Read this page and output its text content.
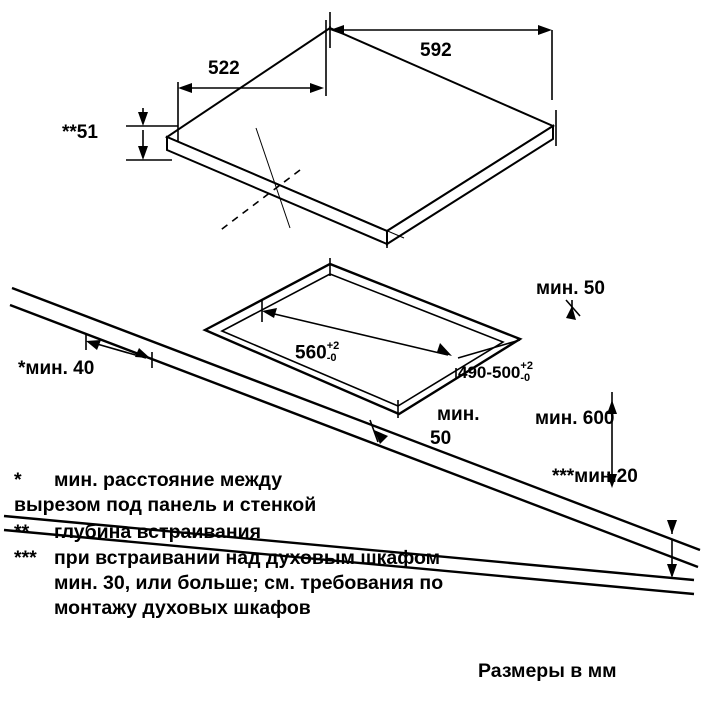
592
522
**51
560 +2
-0
490-500 +2
-0
*мин. 40
мин. 50
мин.
50
мин. 600
***мин.20
*	мин. расстояние между
вырезом под панель и стенкой
**	глубина встраивания
*** при встраивании над духовым шкафом
мин. 30, или больше; см. требования по
монтажу духовых шкафов
Размеры в мм
